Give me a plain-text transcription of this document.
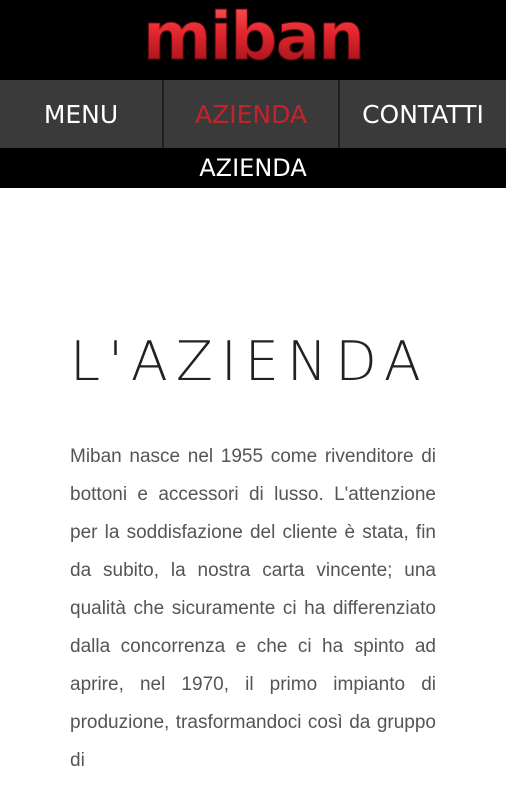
miban
MENU	AZIENDA	CONTATTI
AZIENDA
L'AZIENDA

Miban nasce nel 1955 come rivenditore di bottoni e accessori di lusso. L'attenzione per la soddisfazione del cliente è stata, fin da subito, la nostra carta vincente; una qualità che sicuramente ci ha differenziato dalla concorrenza e che ci ha spinto ad aprire, nel 1970, il primo impianto di produzione, trasformandoci così da gruppo di
